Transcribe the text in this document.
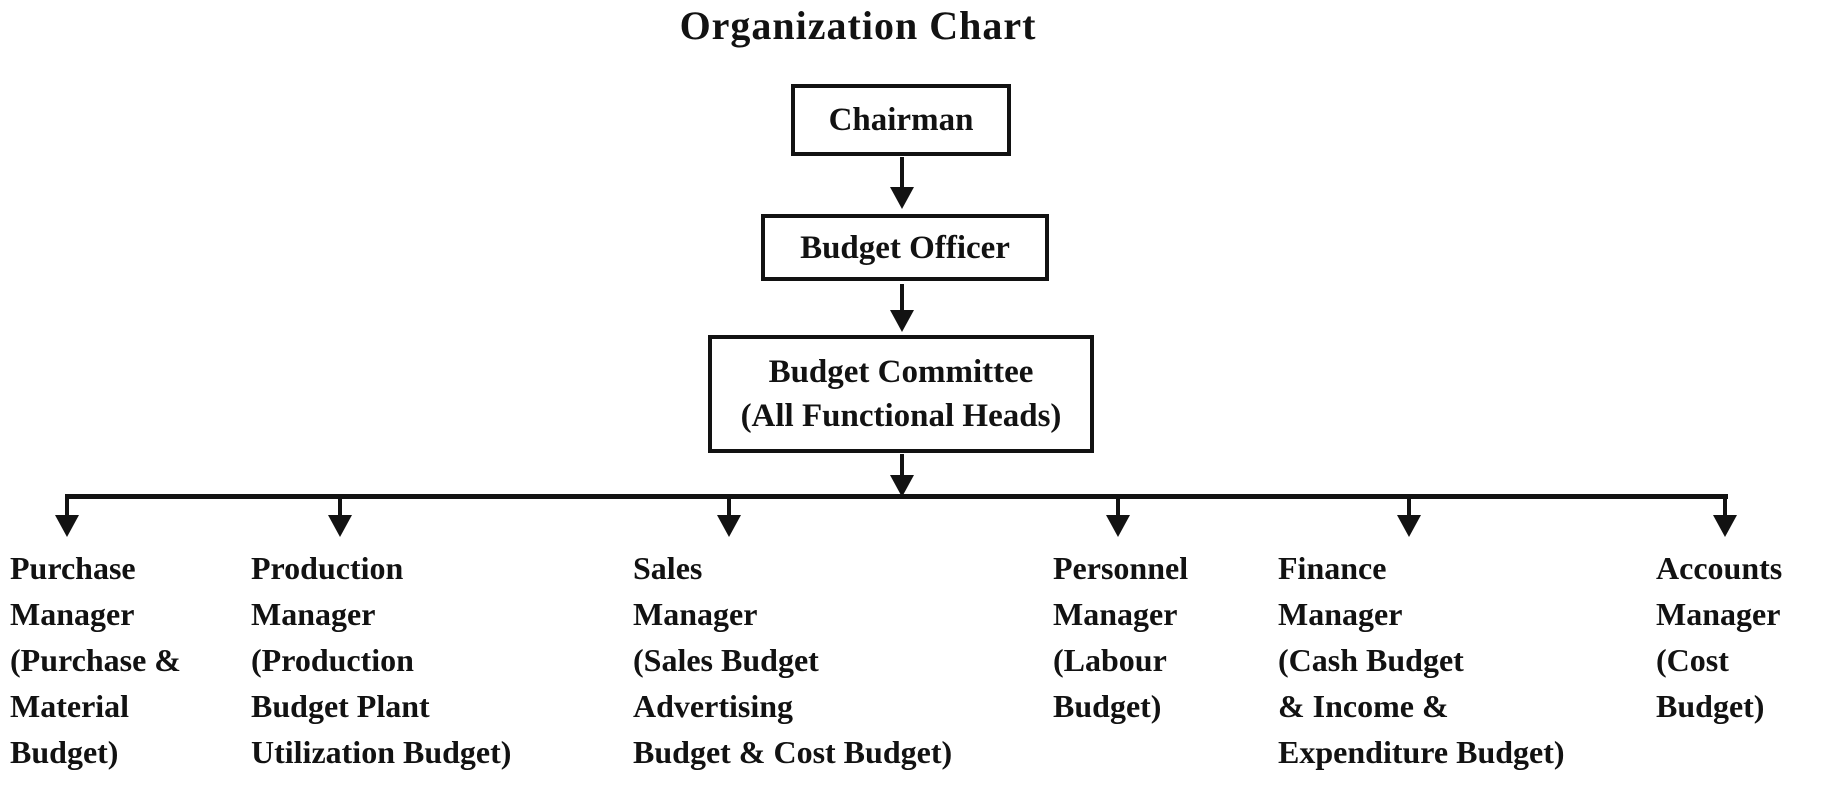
Organization Chart
Chairman
Budget Officer
Budget Committee
(All Functional Heads)
Purchase
Manager
(Purchase &
Material
Budget)
Production
Manager
(Production
Budget Plant
Utilization Budget)
Sales
Manager
(Sales Budget
Advertising
Budget & Cost Budget)
Personnel
Manager
(Labour
Budget)
Finance
Manager
(Cash Budget
& Income &
Expenditure Budget)
Accounts
Manager
(Cost
Budget)
